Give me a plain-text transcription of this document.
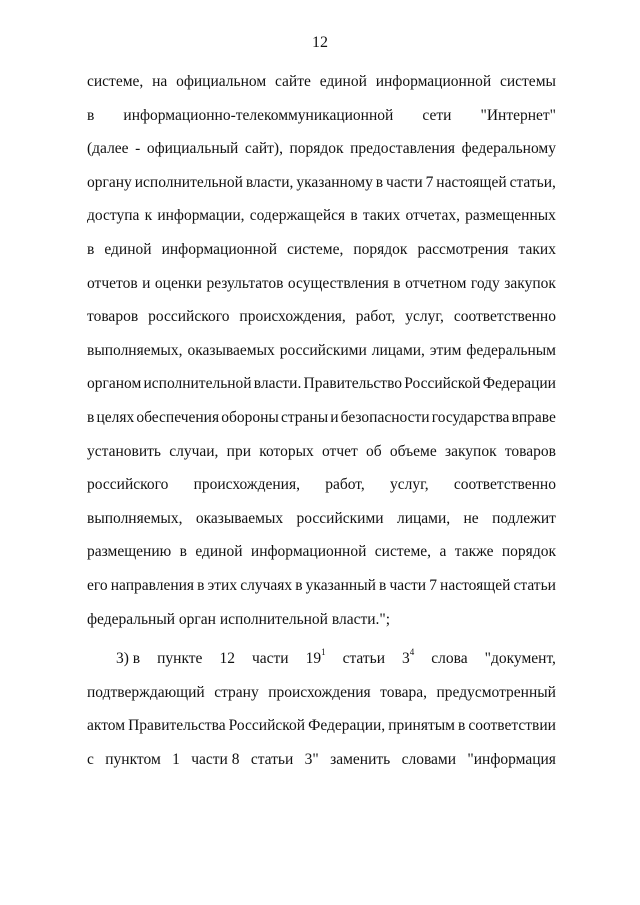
12
системе, на официальном сайте единой информационной системы
в информационно-телекоммуникационной сети "Интернет"
(далее - официальный сайт), порядок предоставления федеральному
органу исполнительной власти, указанному в части 7 настоящей статьи,
доступа к информации, содержащейся в таких отчетах, размещенных
в единой информационной системе, порядок рассмотрения таких
отчетов и оценки результатов осуществления в отчетном году закупок
товаров российского происхождения, работ, услуг, соответственно
выполняемых, оказываемых российскими лицами, этим федеральным
органом исполнительной власти. Правительство Российской Федерации
в целях обеспечения обороны страны и безопасности государства вправе
установить случаи, при которых отчет об объеме закупок товаров
российского происхождения, работ, услуг, соответственно
выполняемых, оказываемых российскими лицами, не подлежит
размещению в единой информационной системе, а также порядок
его направления в этих случаях в указанный в части 7 настоящей статьи
федеральный орган исполнительной власти.";
3) в пункте 12 части $19^1$ статьи $3^4$ слова "документ,
подтверждающий страну происхождения товара, предусмотренный
актом Правительства Российской Федерации, принятым в соответствии
с пунктом 1 части 8 статьи 3" заменить словами "информация
